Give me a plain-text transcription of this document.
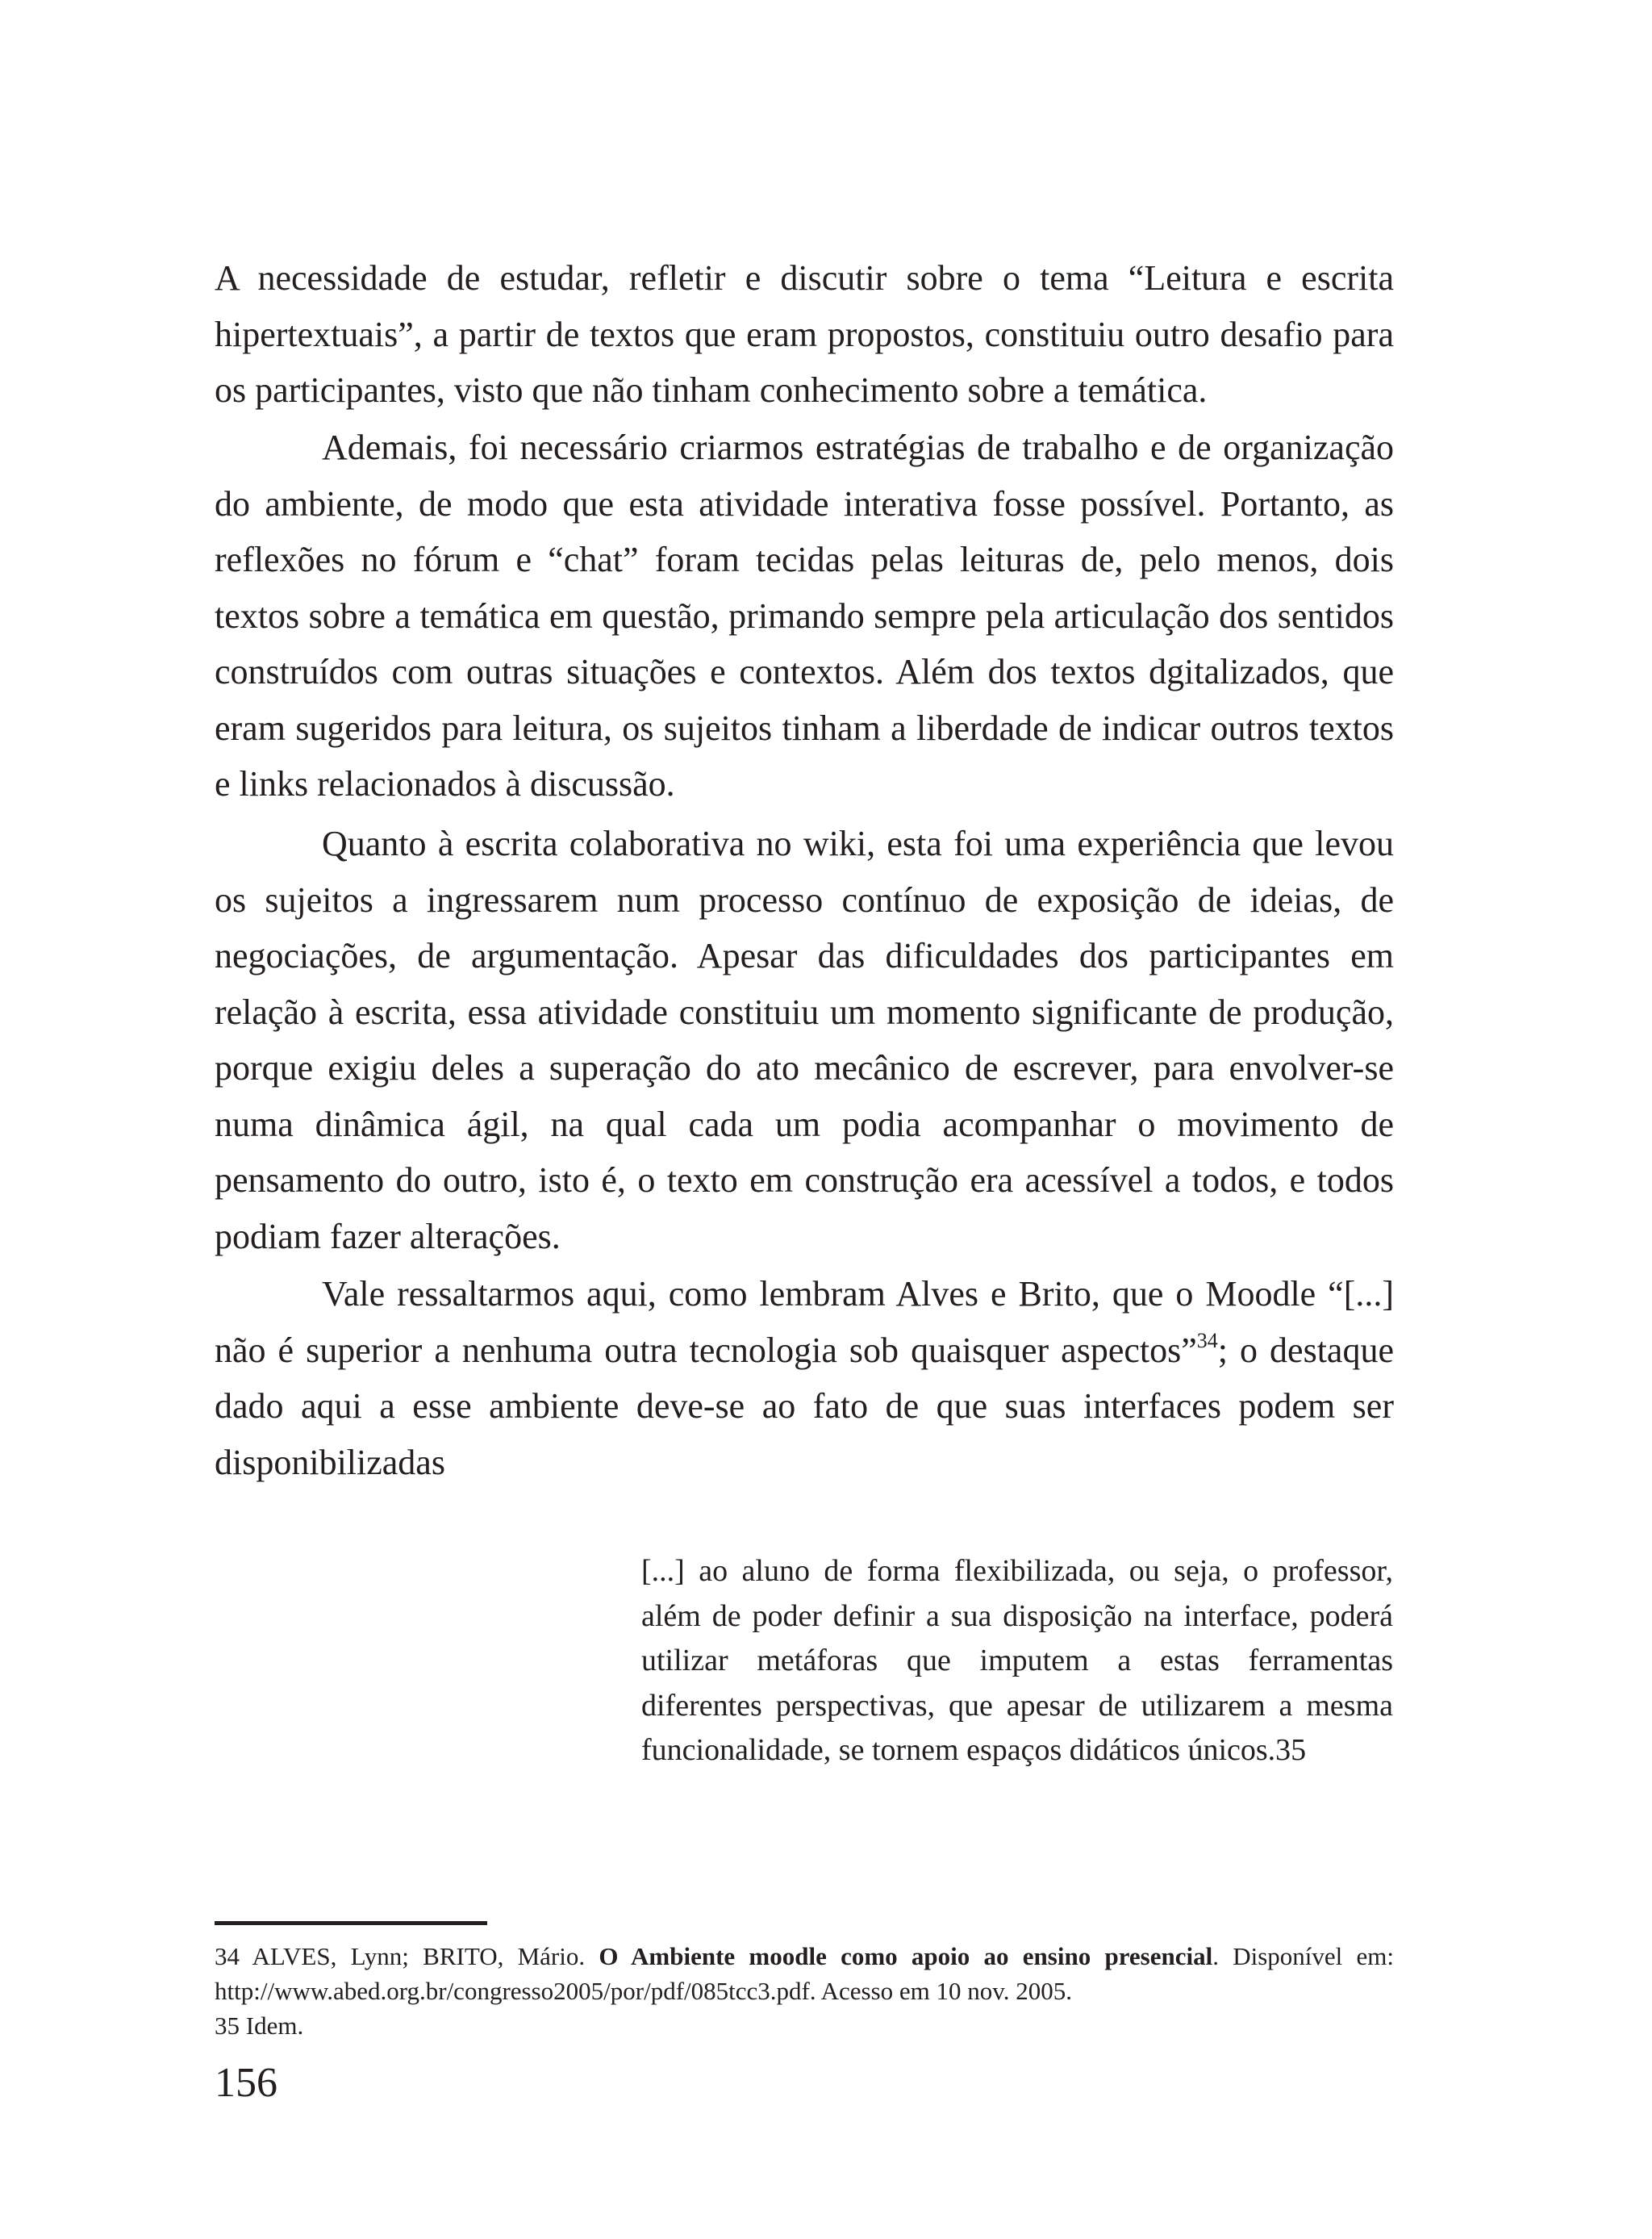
A necessidade de estudar, refletir e discutir sobre o tema “Leitura e escrita hipertextuais”, a partir de textos que eram propostos, constituiu outro desafio para os participantes, visto que não tinham conhecimento sobre a temática.

Ademais, foi necessário criarmos estratégias de trabalho e de organização do ambiente, de modo que esta atividade interativa fosse possível. Portanto, as reflexões no fórum e “chat” foram tecidas pelas leituras de, pelo menos, dois textos sobre a temática em questão, primando sempre pela articulação dos sentidos construídos com outras situações e contextos. Além dos textos dgitalizados, que eram sugeridos para leitura, os sujeitos tinham a liberdade de indicar outros textos e links relacionados à discussão.

Quanto à escrita colaborativa no wiki, esta foi uma experiência que levou os sujeitos a ingressarem num processo contínuo de exposição de ideias, de negociações, de argumentação. Apesar das dificuldades dos participantes em relação à escrita, essa atividade constituiu um momento significante de produção, porque exigiu deles a superação do ato mecânico de escrever, para envolver-se numa dinâmica ágil, na qual cada um podia acompanhar o movimento de pensamento do outro, isto é, o texto em construção era acessível a todos, e todos podiam fazer alterações.

Vale ressaltarmos aqui, como lembram Alves e Brito, que o Moodle “[...] não é superior a nenhuma outra tecnologia sob quaisquer aspectos”$^{34}$; o destaque dado aqui a esse ambiente deve-se ao fato de que suas interfaces podem ser disponibilizadas

[...] ao aluno de forma flexibilizada, ou seja, o professor, além de poder definir a sua disposição na interface, poderá utilizar metáforas que imputem a estas ferramentas diferentes perspectivas, que apesar de utilizarem a mesma funcionalidade, se tornem espaços didáticos únicos.35

34 ALVES, Lynn; BRITO, Mário. O Ambiente moodle como apoio ao ensino presencial. Disponível em: http://www.abed.org.br/congresso2005/por/pdf/085tcc3.pdf. Acesso em 10 nov. 2005.

35 Idem.

156
